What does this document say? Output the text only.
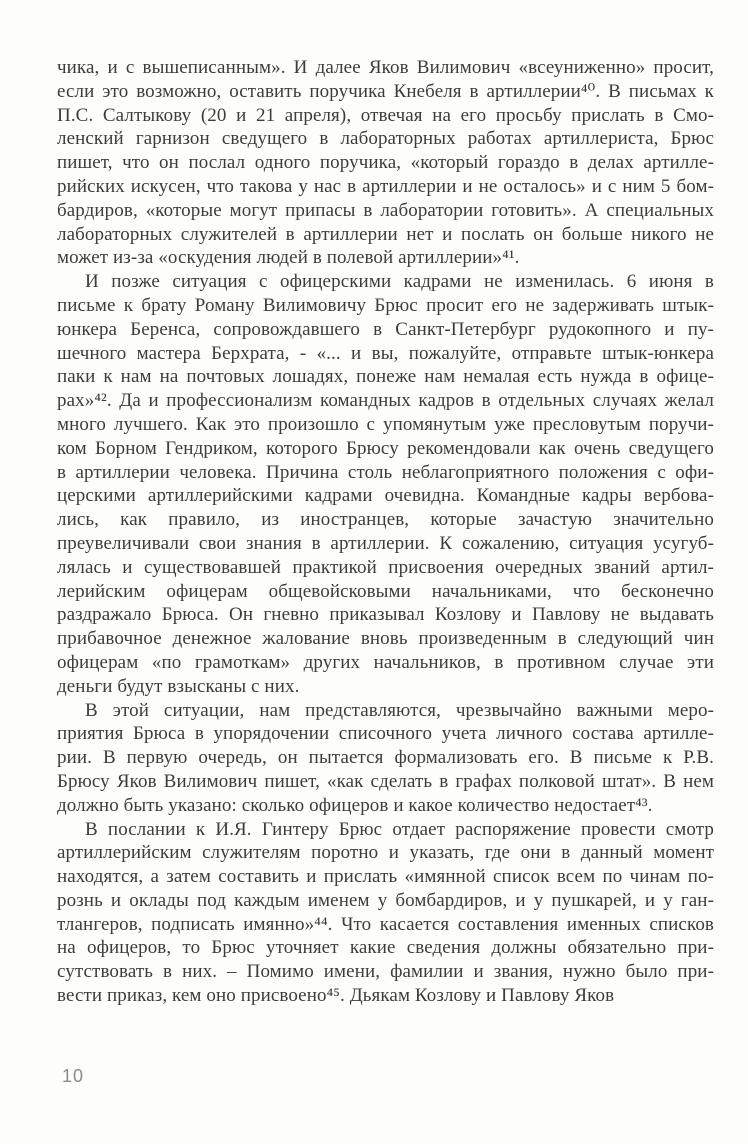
чика, и с вышеписанным». И далее Яков Вилимович «всеуниженно» просит,
если это возможно, оставить поручика Кнебеля в артиллерии⁴⁰. В письмах к
П.С. Салтыкову (20 и 21 апреля), отвечая на его просьбу прислать в Смо-
ленский гарнизон сведущего в лабораторных работах артиллериста, Брюс
пишет, что он послал одного поручика, «который гораздо в делах артилле-
рийских искусен, что такова у нас в артиллерии и не осталось» и с ним 5 бом-
бардиров, «которые могут припасы в лаборатории готовить». А специальных
лабораторных служителей в артиллерии нет и послать он больше никого не
может из-за «оскудения людей в полевой артиллерии»⁴¹.
И позже ситуация с офицерскими кадрами не изменилась. 6 июня в
письме к брату Роману Вилимовичу Брюс просит его не задерживать штык-
юнкера Беренса, сопровождавшего в Санкт-Петербург рудокопного и пу-
шечного мастера Берхрата, - «... и вы, пожалуйте, отправьте штык-юнкера
паки к нам на почтовых лошадях, понеже нам немалая есть нужда в офице-
рах»⁴². Да и профессионализм командных кадров в отдельных случаях желал
много лучшего. Как это произошло с упомянутым уже пресловутым поручи-
ком Борном Гендриком, которого Брюсу рекомендовали как очень сведущего
в артиллерии человека. Причина столь неблагоприятного положения с офи-
церскими артиллерийскими кадрами очевидна. Командные кадры вербова-
лись, как правило, из иностранцев, которые зачастую значительно
преувеличивали свои знания в артиллерии. К сожалению, ситуация усугуб-
лялась и существовавшей практикой присвоения очередных званий артил-
лерийским офицерам общевойсковыми начальниками, что бесконечно
раздражало Брюса. Он гневно приказывал Козлову и Павлову не выдавать
прибавочное денежное жалование вновь произведенным в следующий чин
офицерам «по грамоткам» других начальников, в противном случае эти
деньги будут взысканы с них.
В этой ситуации, нам представляются, чрезвычайно важными меро-
приятия Брюса в упорядочении списочного учета личного состава артилле-
рии. В первую очередь, он пытается формализовать его. В письме к Р.В.
Брюсу Яков Вилимович пишет, «как сделать в графах полковой штат». В нем
должно быть указано: сколько офицеров и какое количество недостает⁴³.
В послании к И.Я. Гинтеру Брюс отдает распоряжение провести смотр
артиллерийским служителям поротно и указать, где они в данный момент
находятся, а затем составить и прислать «имянной список всем по чинам по-
рознь и оклады под каждым именем у бомбардиров, и у пушкарей, и у ган-
тлангеров, подписать имянно»⁴⁴. Что касается составления именных списков
на офицеров, то Брюс уточняет какие сведения должны обязательно при-
сутствовать в них. – Помимо имени, фамилии и звания, нужно было при-
вести приказ, кем оно присвоено⁴⁵. Дьякам Козлову и Павлову Яков
10
